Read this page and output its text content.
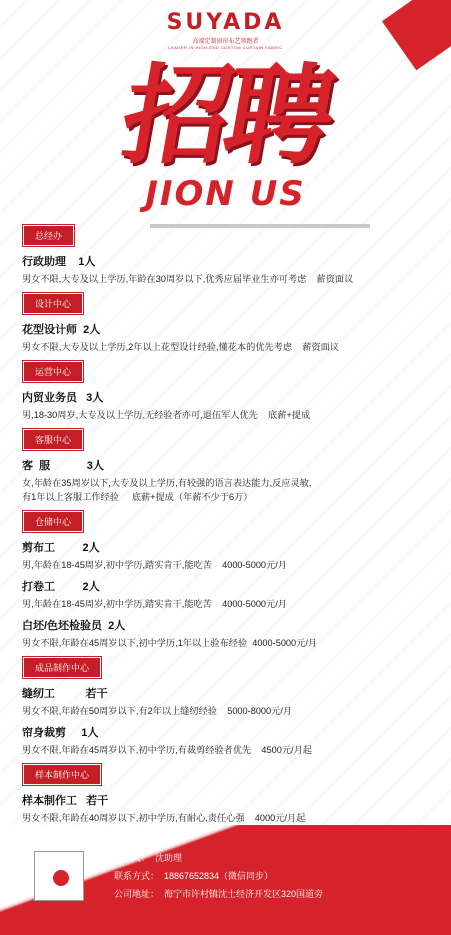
SUYADA
高端定制窗帘布艺领跑者
LEADER IN HIGH-END CUSTOM CURTAIN FABRIC
招聘
JION US
总经办
行政助理    1人
男女不限,大专及以上学历,年龄在30周岁以下,优秀应届毕业生亦可考虑    薪资面议
设计中心
花型设计师  2人
男女不限,大专及以上学历,2年以上花型设计经验,懂花本的优先考虑    薪资面议
运营中心
内贸业务员   3人
男,18-30周岁,大专及以上学历,无经验者亦可,退伍军人优先    底薪+提成
客服中心
客  服            3人
女,年龄在35周岁以下,大专及以上学历,有较强的语言表达能力,反应灵敏,
有1年以上客服工作经验     底薪+提成（年薪不少于6万）
仓储中心
剪布工         2人
男,年龄在18-45周岁,初中学历,踏实肯干,能吃苦    4000-5000元/月
打卷工         2人
男,年龄在18-45周岁,初中学历,踏实肯干,能吃苦    4000-5000元/月
白坯/色坯检验员  2人
男女不限,年龄在45周岁以下,初中学历,1年以上验布经验  4000-5000元/月
成品制作中心
缝纫工          若干
男女不限,年龄在50周岁以下,有2年以上缝纫经验    5000-8000元/月
帘身裁剪     1人
男女不限,年龄在45周岁以下,初中学历,有裁剪经验者优先    4500元/月起
样本制作中心
样本制作工   若干
男女不限,年龄在40周岁以下,初中学历,有耐心,责任心强    4000元/月起
联系人：  沈助理
联系方式：  18867652834（微信同步）
公司地址：  海宁市许村镇沈士经济开发区320国道旁
